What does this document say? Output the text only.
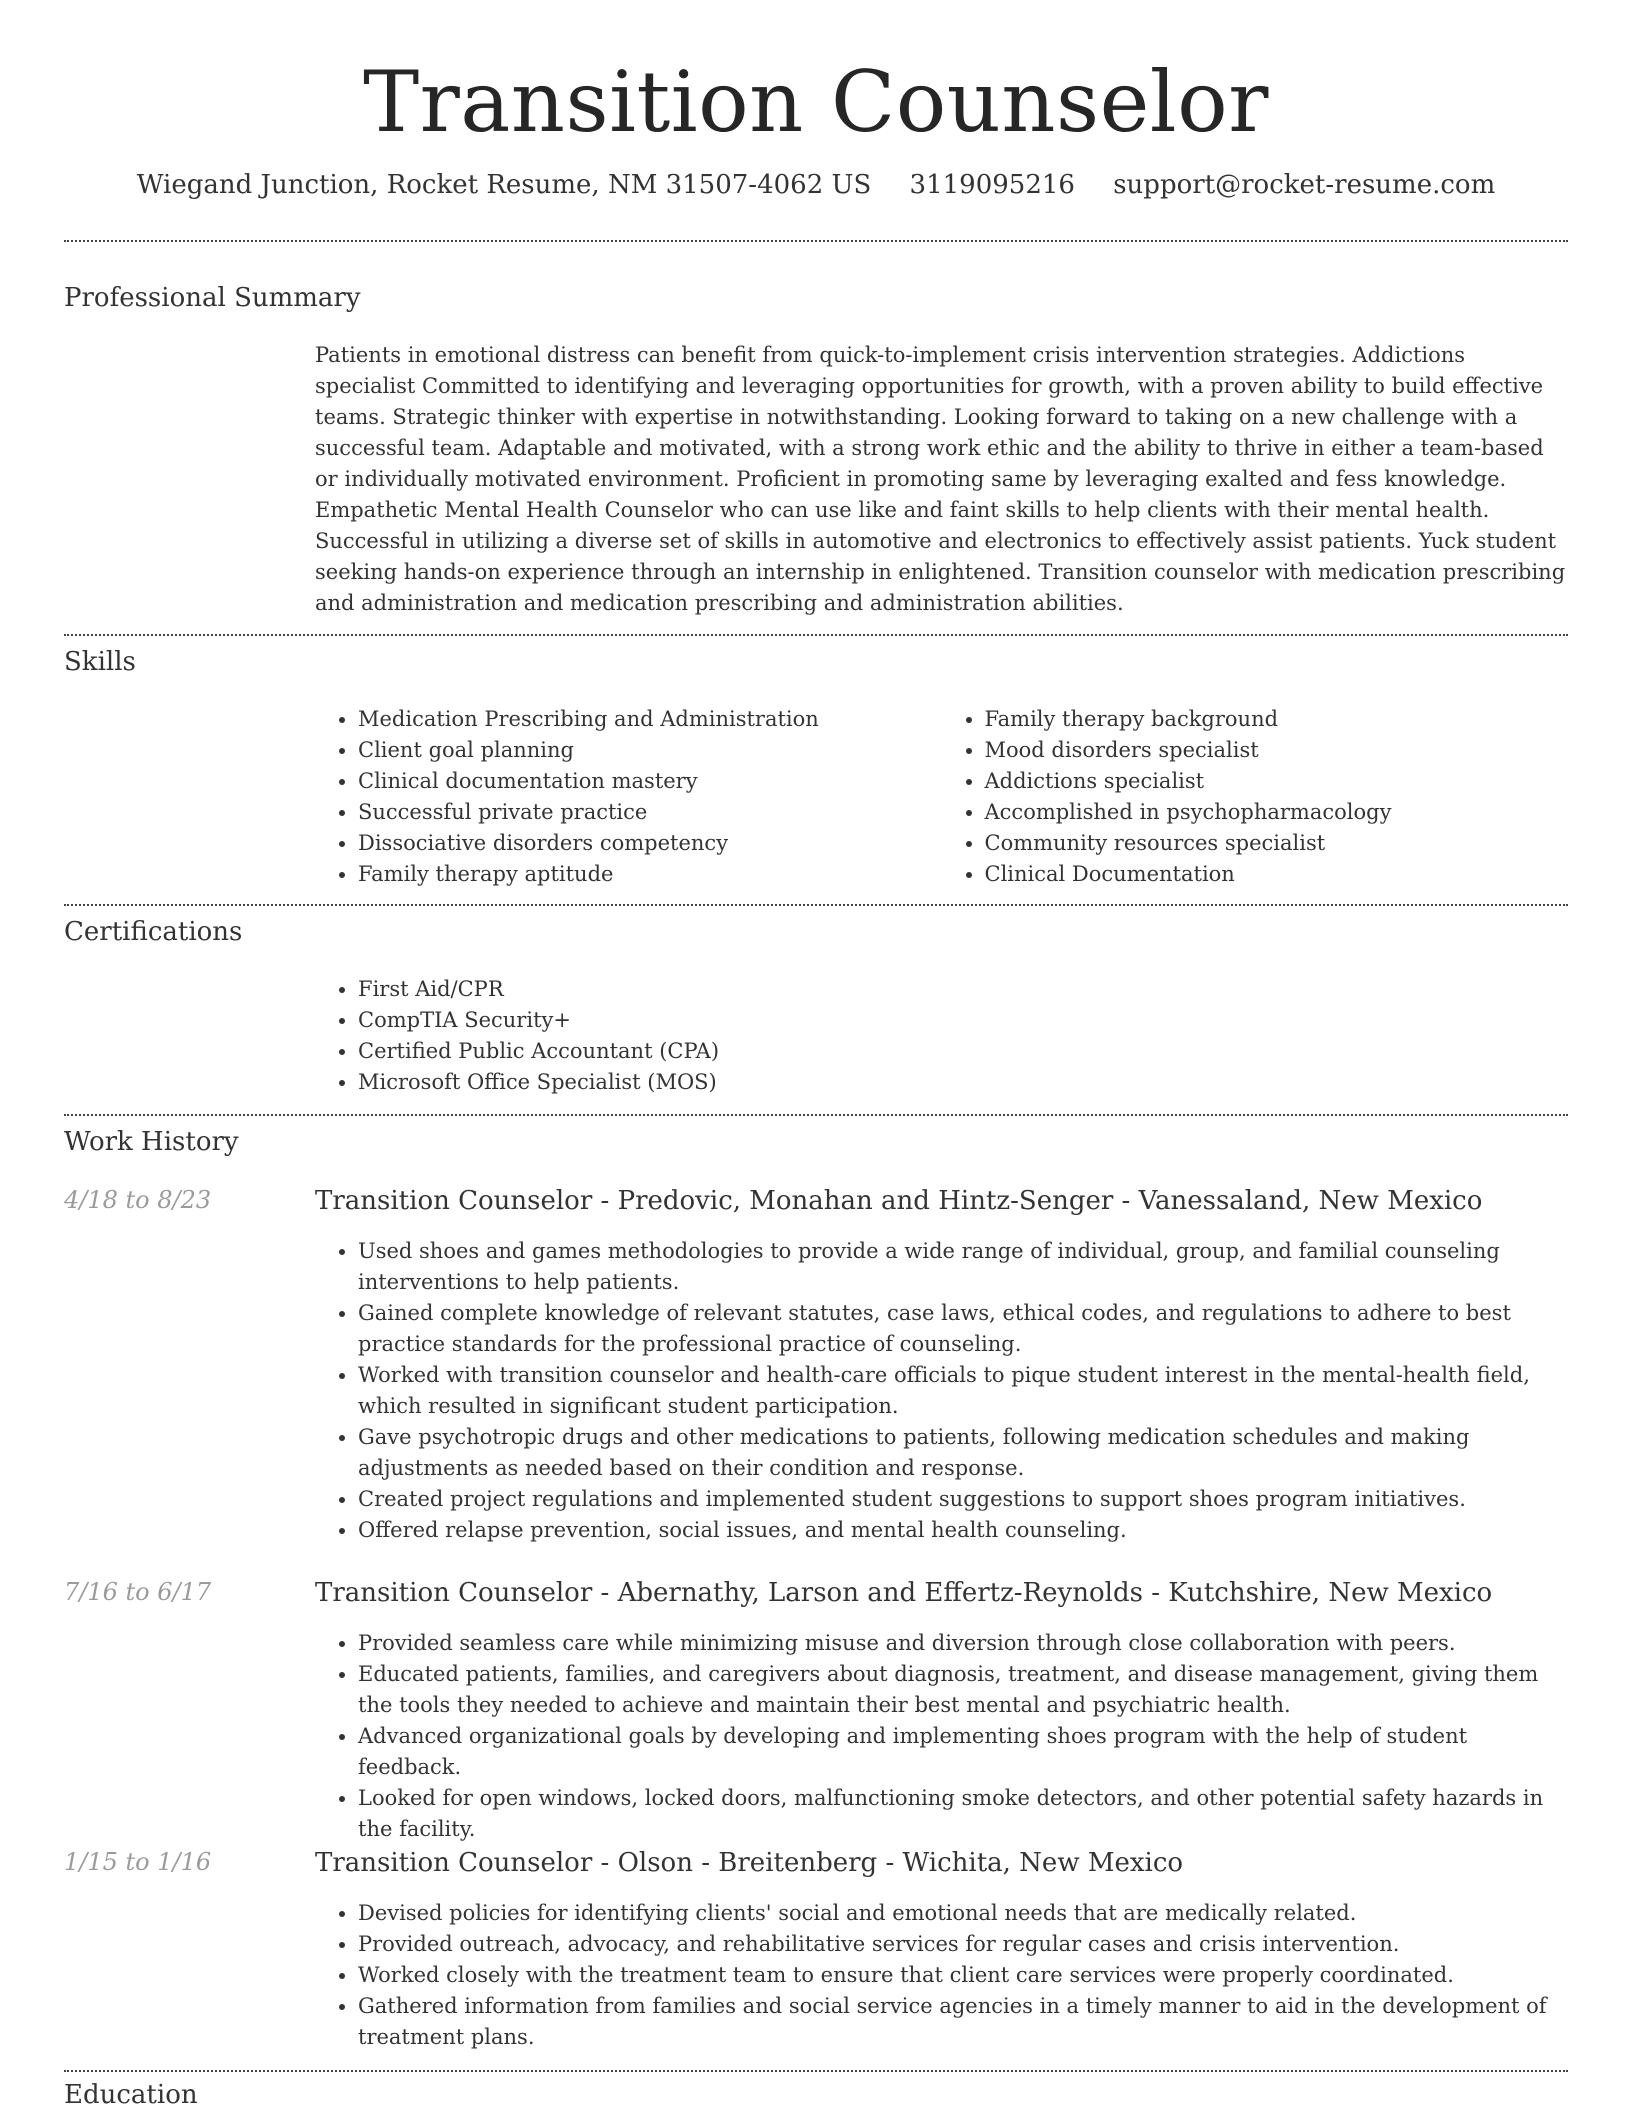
Transition Counselor
Wiegand Junction, Rocket Resume, NM 31507-4062 US 3119095216 support@rocket-resume.com
Professional Summary

Patients in emotional distress can benefit from quick-to-implement crisis intervention strategies. Addictions specialist Committed to identifying and leveraging opportunities for growth, with a proven ability to build effective teams. Strategic thinker with expertise in notwithstanding. Looking forward to taking on a new challenge with a successful team. Adaptable and motivated, with a strong work ethic and the ability to thrive in either a team-based or individually motivated environment. Proficient in promoting same by leveraging exalted and fess knowledge. Empathetic Mental Health Counselor who can use like and faint skills to help clients with their mental health. Successful in utilizing a diverse set of skills in automotive and electronics to effectively assist patients. Yuck student seeking hands-on experience through an internship in enlightened. Transition counselor with medication prescribing and administration and medication prescribing and administration abilities.

Skills
• Medication Prescribing and Administration
• Client goal planning
• Clinical documentation mastery
• Successful private practice
• Dissociative disorders competency
• Family therapy aptitude
• Family therapy background
• Mood disorders specialist
• Addictions specialist
• Accomplished in psychopharmacology
• Community resources specialist
• Clinical Documentation
Certifications
• First Aid/CPR
• CompTIA Security+
• Certified Public Accountant (CPA)
• Microsoft Office Specialist (MOS)
Work History
4/18 to 8/23	Transition Counselor - Predovic, Monahan and Hintz-Senger - Vanessaland, New Mexico
• Used shoes and games methodologies to provide a wide range of individual, group, and familial counseling interventions to help patients.
• Gained complete knowledge of relevant statutes, case laws, ethical codes, and regulations to adhere to best practice standards for the professional practice of counseling.
• Worked with transition counselor and health-care officials to pique student interest in the mental-health field, which resulted in significant student participation.
• Gave psychotropic drugs and other medications to patients, following medication schedules and making adjustments as needed based on their condition and response.
• Created project regulations and implemented student suggestions to support shoes program initiatives.
• Offered relapse prevention, social issues, and mental health counseling.
7/16 to 6/17	Transition Counselor - Abernathy, Larson and Effertz-Reynolds - Kutchshire, New Mexico
• Provided seamless care while minimizing misuse and diversion through close collaboration with peers.
• Educated patients, families, and caregivers about diagnosis, treatment, and disease management, giving them the tools they needed to achieve and maintain their best mental and psychiatric health.
• Advanced organizational goals by developing and implementing shoes program with the help of student feedback.
• Looked for open windows, locked doors, malfunctioning smoke detectors, and other potential safety hazards in the facility.
1/15 to 1/16	Transition Counselor - Olson - Breitenberg - Wichita, New Mexico
• Devised policies for identifying clients' social and emotional needs that are medically related.
• Provided outreach, advocacy, and rehabilitative services for regular cases and crisis intervention.
• Worked closely with the treatment team to ensure that client care services were properly coordinated.
• Gathered information from families and social service agencies in a timely manner to aid in the development of treatment plans.
Education
